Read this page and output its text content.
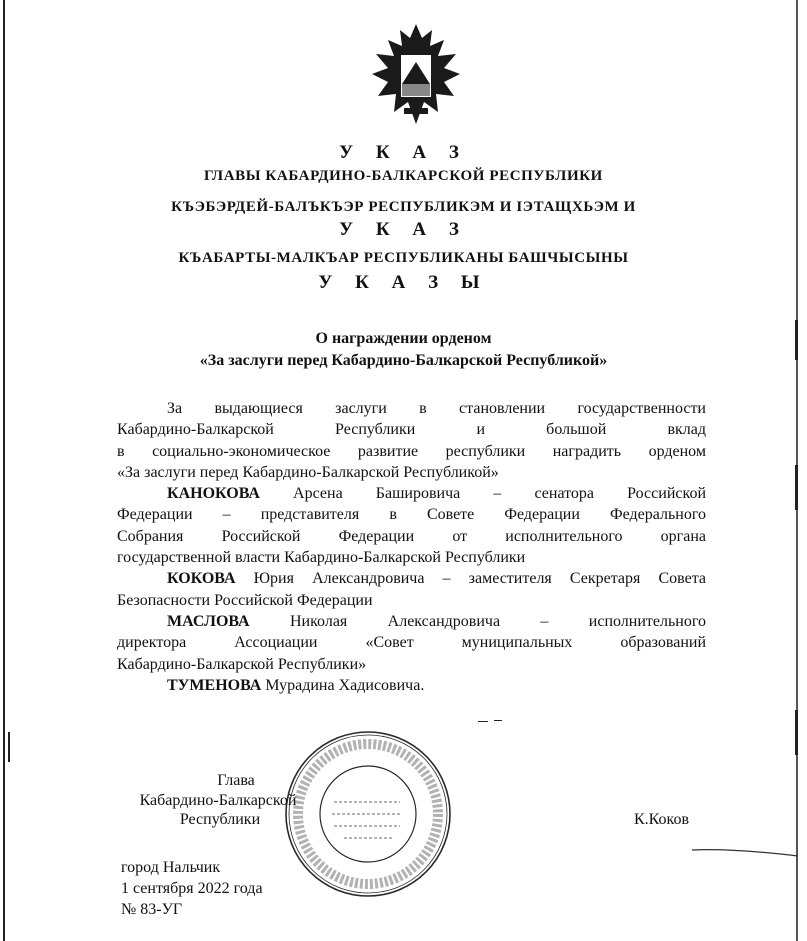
У К А З
ГЛАВЫ КАБАРДИНО-БАЛКАРСКОЙ РЕСПУБЛИКИ
КЪЭБЭРДЕЙ-БАЛЪКЪЭР РЕСПУБЛИКЭМ И IЭТАЩХЬЭМ И
У К А З
КЪАБАРТЫ-МАЛКЪАР РЕСПУБЛИКАНЫ БАШЧЫСЫНЫ
У К А З Ы
О награждении орденом
«За заслуги перед Кабардино-Балкарской Республикой»
За выдающиеся заслуги в становлении государственности
Кабардино-Балкарской Республики и большой вклад
в социально-экономическое развитие республики наградить орденом
«За заслуги перед Кабардино-Балкарской Республикой»
КАНОКОВА Арсена Башировича – сенатора Российской
Федерации – представителя в Совете Федерации Федерального
Собрания Российской Федерации от исполнительного органа
государственной власти Кабардино-Балкарской Республики
КОКОВА Юрия Александровича – заместителя Секретаря Совета
Безопасности Российской Федерации
МАСЛОВА Николая Александровича – исполнительного
директора Ассоциации «Совет муниципальных образований
Кабардино-Балкарской Республики»
ТУМЕНОВА Мурадина Хадисовича.
Глава
Кабардино-Балкарской
Республики	К.Коков
город Нальчик
1 сентября 2022 года
№ 83-УГ
